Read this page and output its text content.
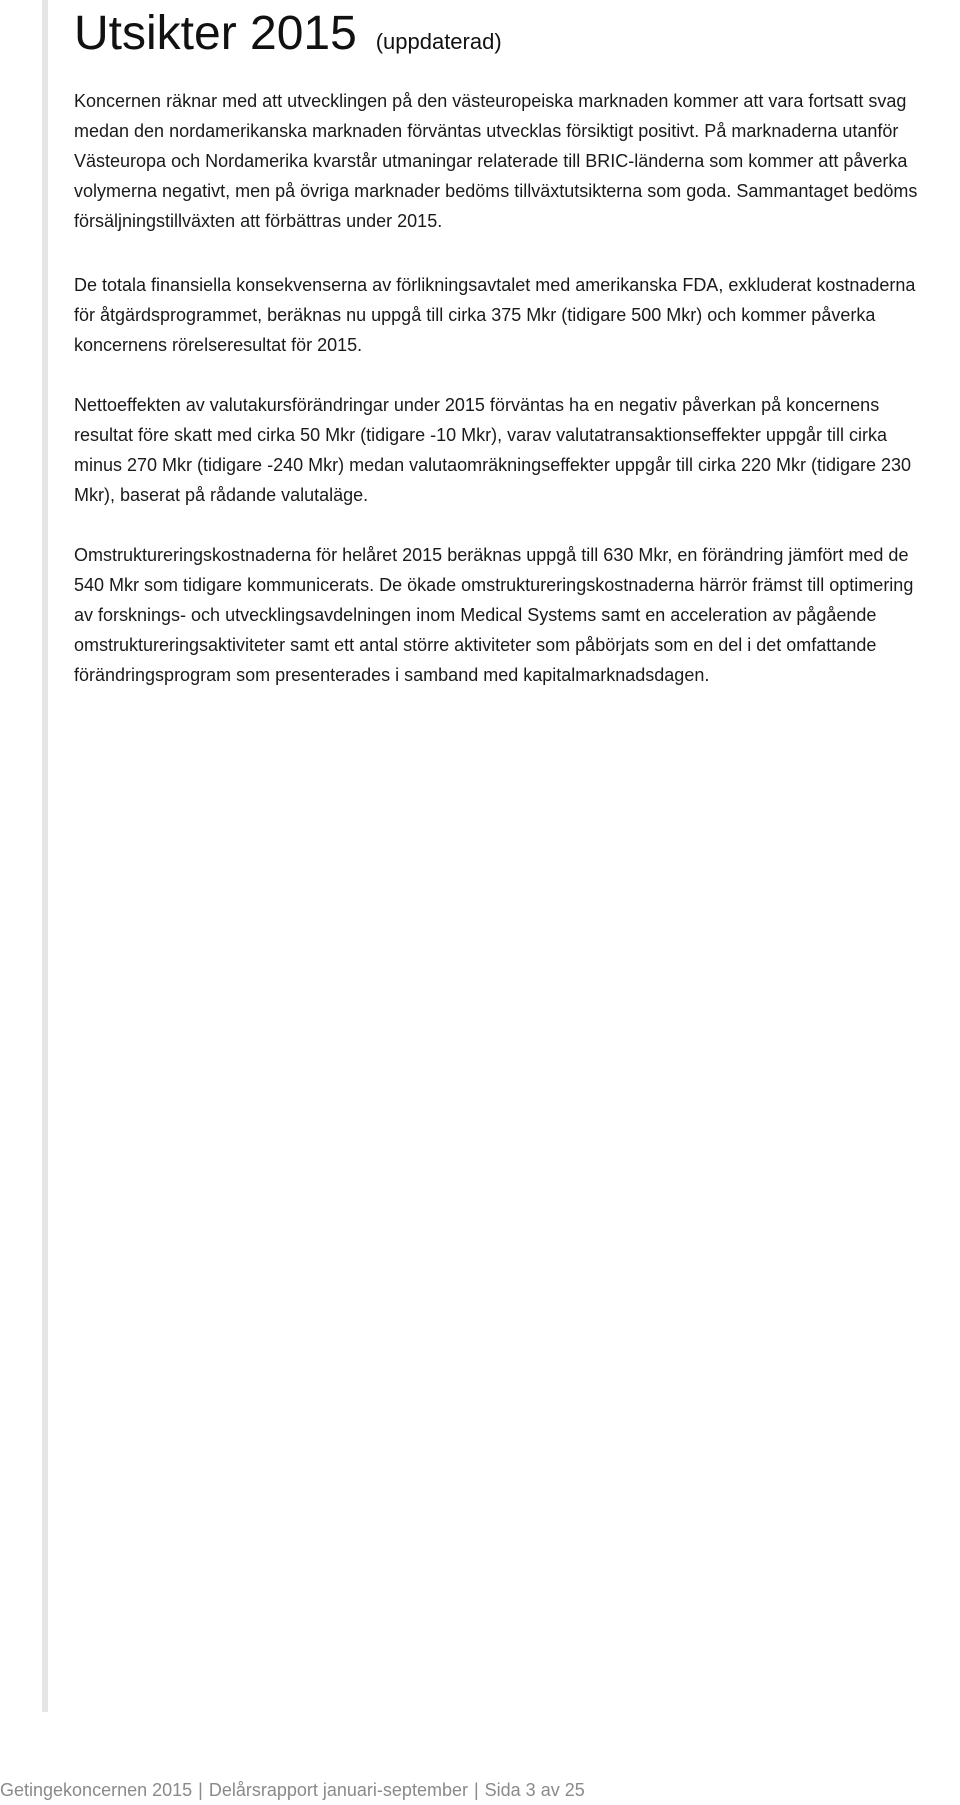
Utsikter 2015 (uppdaterad)

Koncernen räknar med att utvecklingen på den västeuropeiska marknaden kommer att vara fortsatt svag medan den nordamerikanska marknaden förväntas utvecklas försiktigt positivt. På marknaderna utanför Västeuropa och Nordamerika kvarstår utmaningar relaterade till BRIC-länderna som kommer att påverka volymerna negativt, men på övriga marknader bedöms tillväxtutsikterna som goda. Sammantaget bedöms försäljningstillväxten att förbättras under 2015.

De totala finansiella konsekvenserna av förlikningsavtalet med amerikanska FDA, exkluderat kostnaderna för åtgärdsprogrammet, beräknas nu uppgå till cirka 375 Mkr (tidigare 500 Mkr) och kommer påverka koncernens rörelseresultat för 2015.

Nettoeffekten av valutakursförändringar under 2015 förväntas ha en negativ påverkan på koncernens resultat före skatt med cirka 50 Mkr (tidigare -10 Mkr), varav valutatransaktionseffekter uppgår till cirka minus 270 Mkr (tidigare -240 Mkr) medan valutaomräkningseffekter uppgår till cirka 220 Mkr (tidigare 230 Mkr), baserat på rådande valutaläge.

Omstruktureringskostnaderna för helåret 2015 beräknas uppgå till 630 Mkr, en förändring jämfört med de 540 Mkr som tidigare kommunicerats. De ökade omstruktureringskostnaderna härrör främst till optimering av forsknings- och utvecklingsavdelningen inom Medical Systems samt en acceleration av pågående omstruktureringsaktiviteter samt ett antal större aktiviteter som påbörjats som en del i det omfattande förändringsprogram som presenterades i samband med kapitalmarknadsdagen.

Getingekoncernen 2015 | Delårsrapport januari-september | Sida 3 av 25
